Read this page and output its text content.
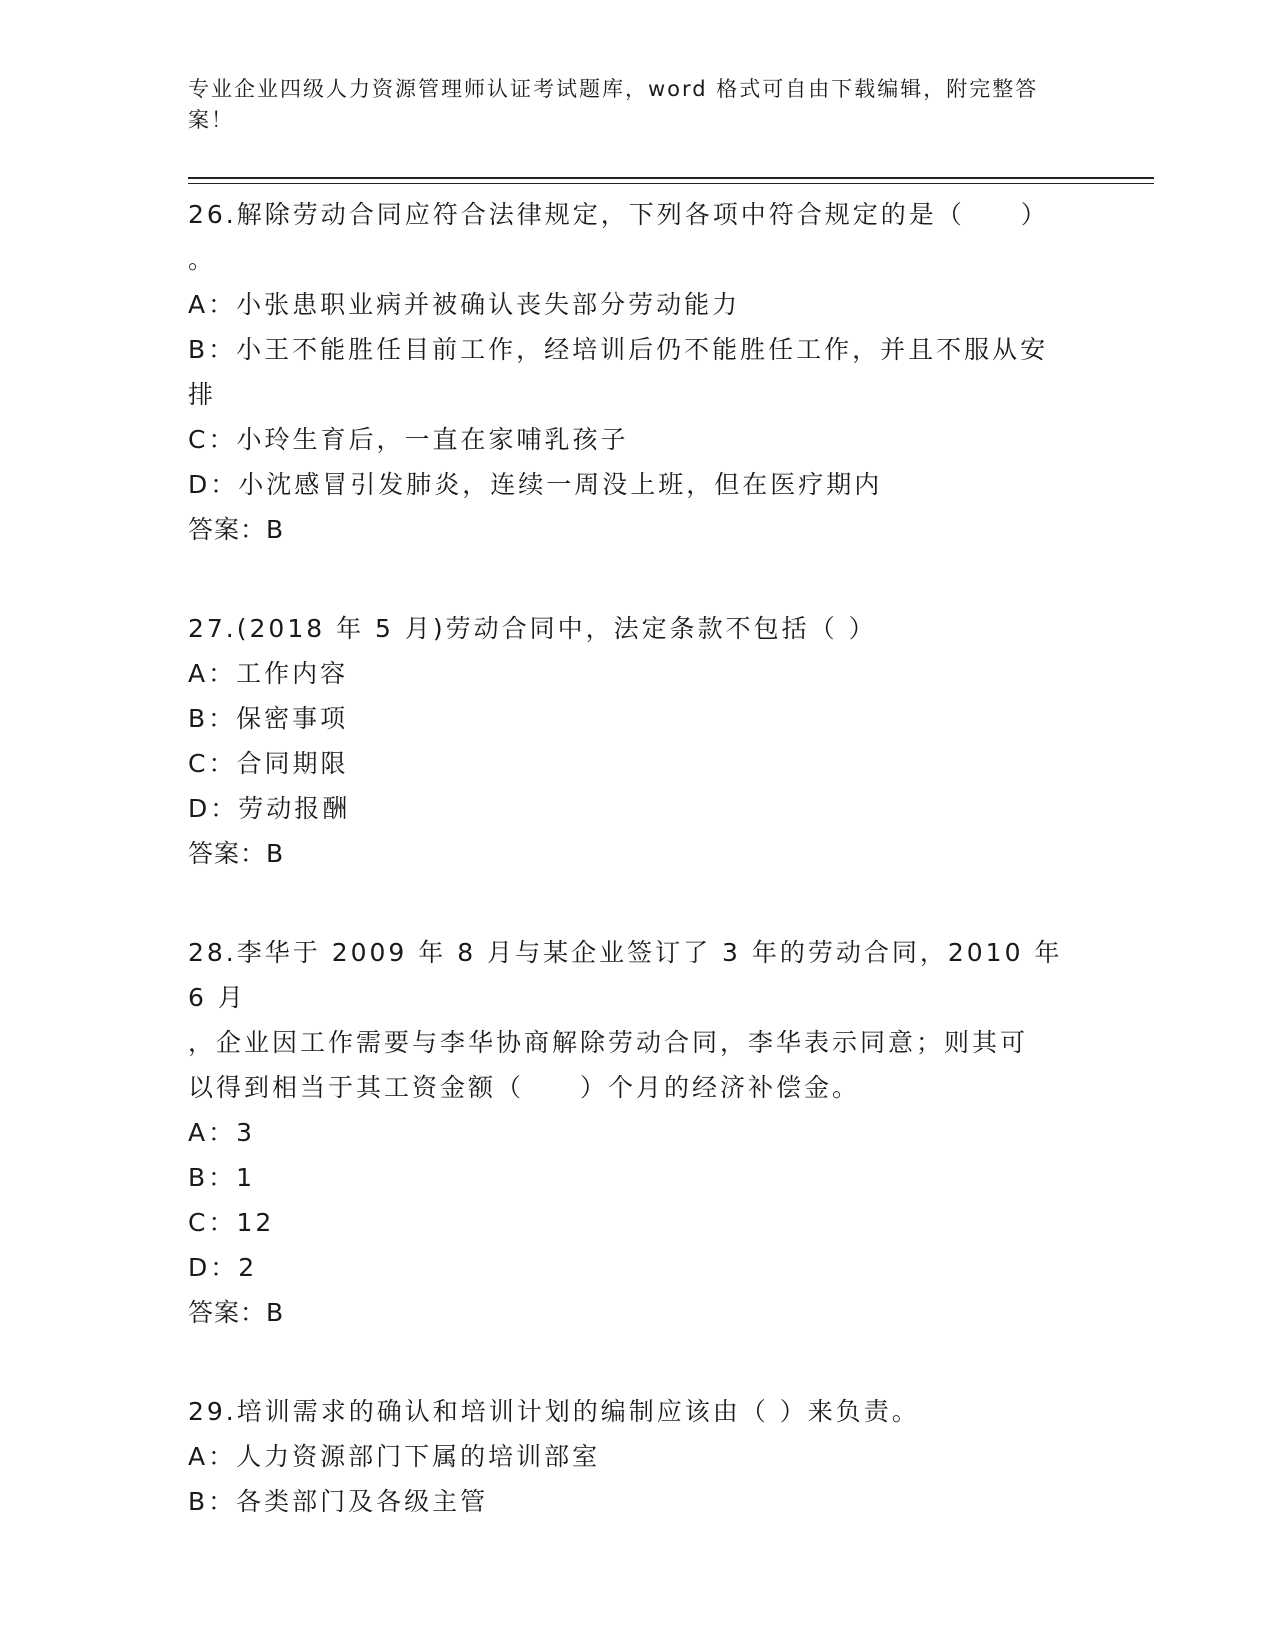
专业企业四级人力资源管理师认证考试题库，word 格式可自由下载编辑，附完整答案！
26.解除劳动合同应符合法律规定，下列各项中符合规定的是（　　）
。
A：小张患职业病并被确认丧失部分劳动能力
B：小王不能胜任目前工作，经培训后仍不能胜任工作，并且不服从安
排
C：小玲生育后，一直在家哺乳孩子
D：小沈感冒引发肺炎，连续一周没上班，但在医疗期内
答案：B
27.(2018 年 5 月)劳动合同中，法定条款不包括（ ）
A：工作内容
B：保密事项
C：合同期限
D：劳动报酬
答案：B
28.李华于 2009 年 8 月与某企业签订了 3 年的劳动合同，2010 年 6 月
，企业因工作需要与李华协商解除劳动合同，李华表示同意；则其可
以得到相当于其工资金额（　　）个月的经济补偿金。
A：3
B：1
C：12
D：2
答案：B
29.培训需求的确认和培训计划的编制应该由（ ）来负责。
A：人力资源部门下属的培训部室
B：各类部门及各级主管
